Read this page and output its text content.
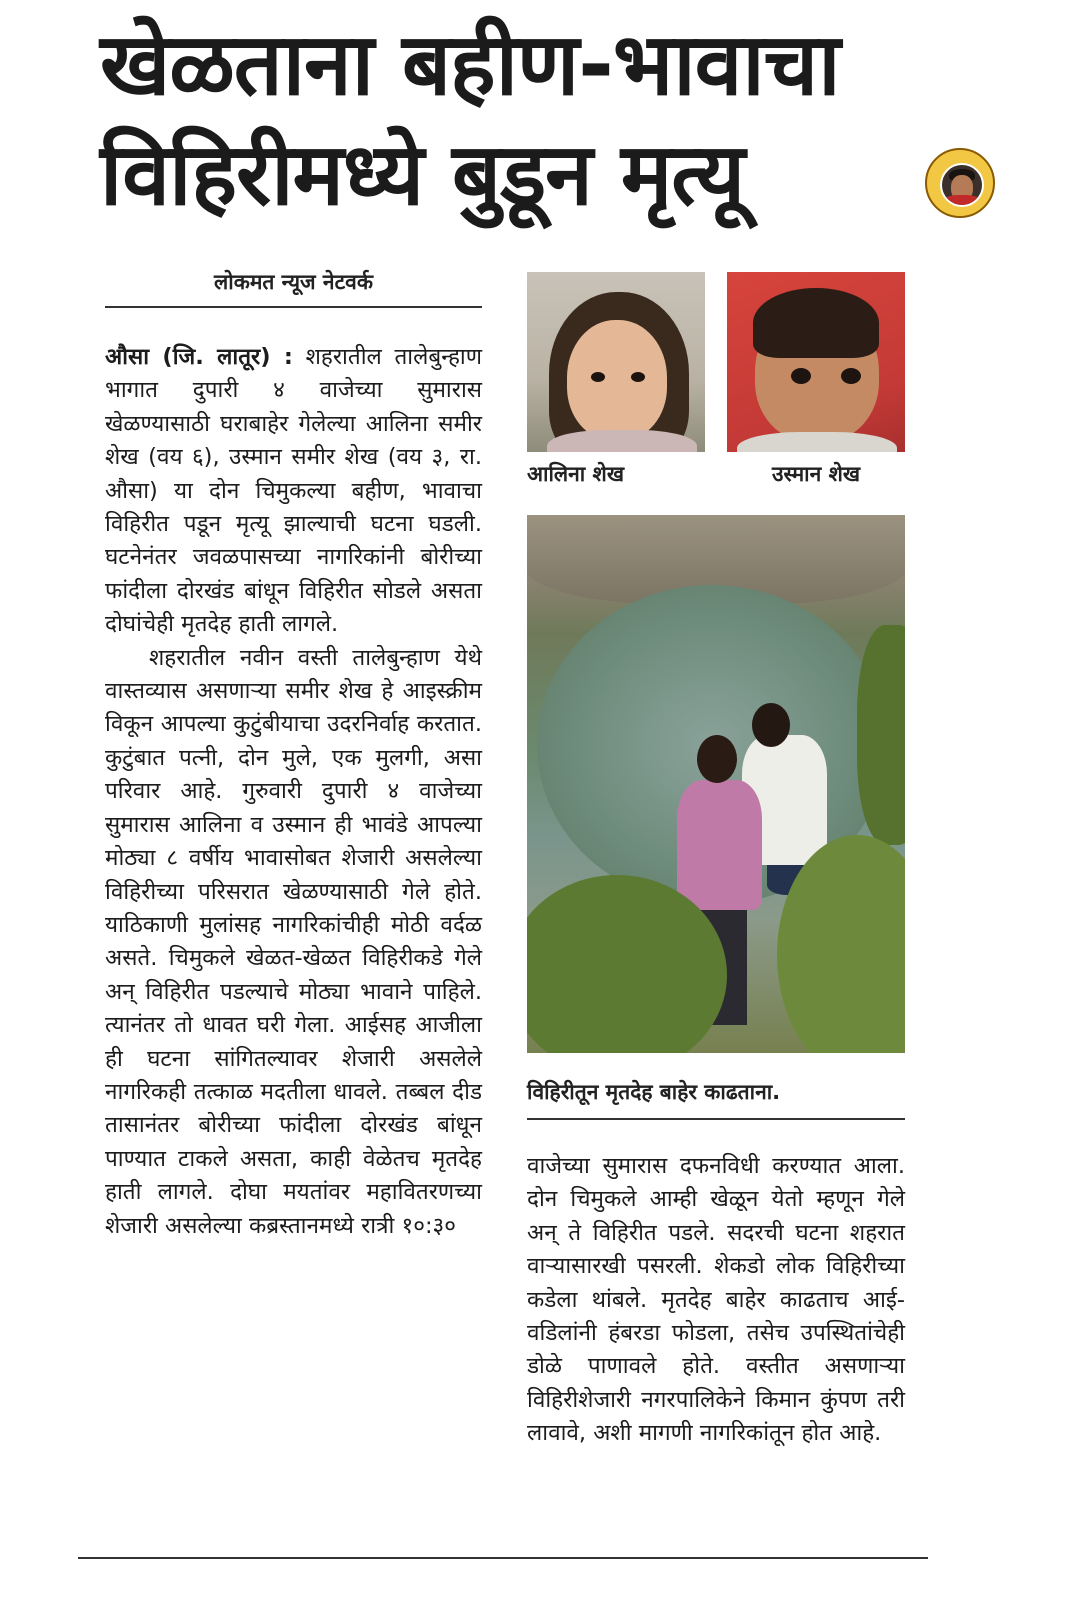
खेळताना बहीण-भावाचा
विहिरीमध्ये बुडून मृत्यू
लोकमत न्यूज नेटवर्क

औसा (जि. लातूर) : शहरातील तालेबुन्हाण भागात दुपारी ४ वाजेच्या सुमारास खेळण्यासाठी घराबाहेर गेलेल्या आलिना समीर शेख (वय ६), उस्मान समीर शेख (वय ३, रा. औसा) या दोन चिमुकल्या बहीण, भावाचा विहिरीत पडून मृत्यू झाल्याची घटना घडली. घटनेनंतर जवळपासच्या नागरिकांनी बोरीच्या फांदीला दोरखंड बांधून विहिरीत सोडले असता दोघांचेही मृतदेह हाती लागले.

शहरातील नवीन वस्ती तालेबुन्हाण येथे वास्तव्यास असणाऱ्या समीर शेख हे आइस्क्रीम विकून आपल्या कुटुंबीयाचा उदरनिर्वाह करतात. कुटुंबात पत्नी, दोन मुले, एक मुलगी, असा परिवार आहे. गुरुवारी दुपारी ४ वाजेच्या सुमारास आलिना व उस्मान ही भावंडे आपल्या मोठ्या ८ वर्षीय भावासोबत शेजारी असलेल्या विहिरीच्या परिसरात खेळण्यासाठी गेले होते. याठिकाणी मुलांसह नागरिकांचीही मोठी वर्दळ असते. चिमुकले खेळत-खेळत विहिरीकडे गेले अन् विहिरीत पडल्याचे मोठ्या भावाने पाहिले. त्यानंतर तो धावत घरी गेला. आईसह आजीला ही घटना सांगितल्यावर शेजारी असलेले नागरिकही तत्काळ मदतीला धावले. तब्बल दीड तासानंतर बोरीच्या फांदीला दोरखंड बांधून पाण्यात टाकले असता, काही वेळेतच मृतदेह हाती लागले. दोघा मयतांवर महावितरणच्या शेजारी असलेल्या कब्रस्तानमध्ये रात्री १०:३०

आलिना शेख	उस्मान शेख
विहिरीतून मृतदेह बाहेर काढताना.

वाजेच्या सुमारास दफनविधी करण्यात आला. दोन चिमुकले आम्ही खेळून येतो म्हणून गेले अन् ते विहिरीत पडले. सदरची घटना शहरात वाऱ्यासारखी पसरली. शेकडो लोक विहिरीच्या कडेला थांबले. मृतदेह बाहेर काढताच आई-वडिलांनी हंबरडा फोडला, तसेच उपस्थितांचेही डोळे पाणावले होते. वस्तीत असणाऱ्या विहिरीशेजारी नगरपालिकेने किमान कुंपण तरी लावावे, अशी मागणी नागरिकांतून होत आहे.
